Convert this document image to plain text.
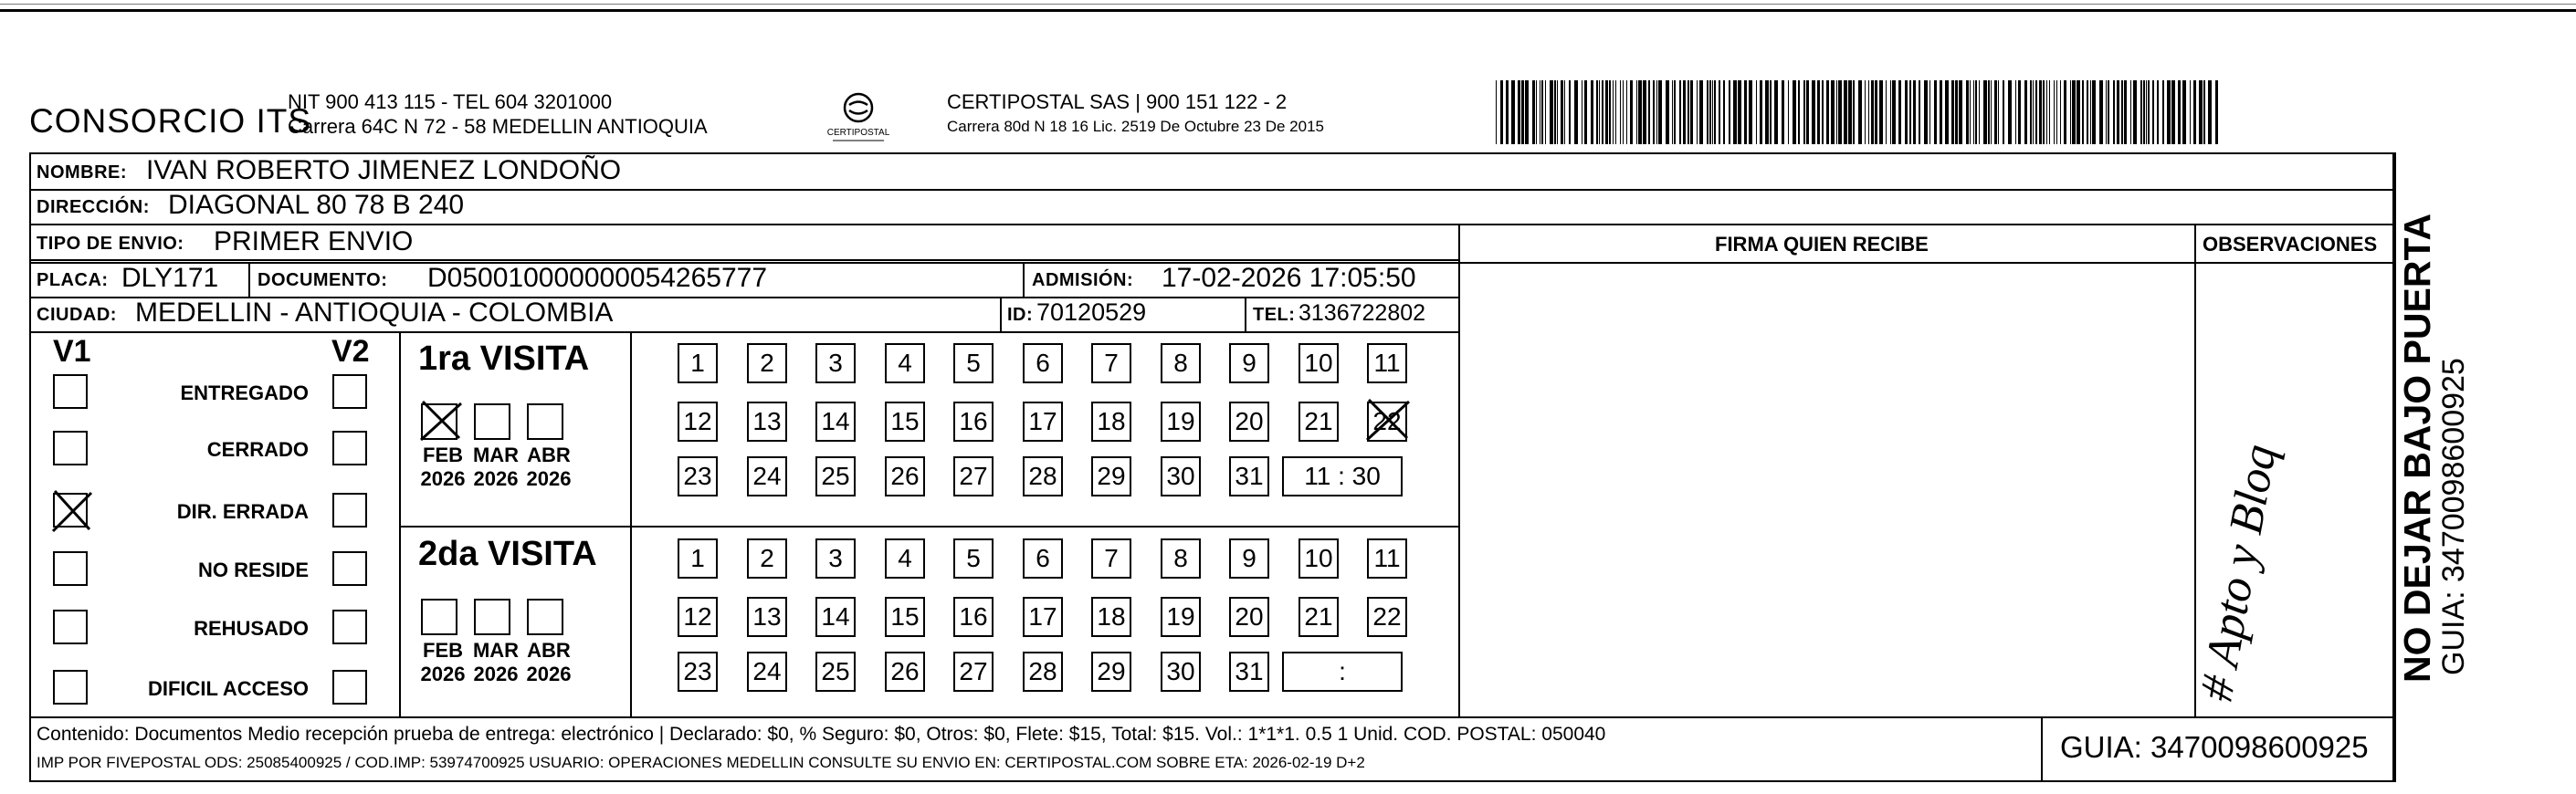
CONSORCIO ITS
NIT 900 413 115 - TEL 604 3201000
Carrera 64C N 72 - 58 MEDELLIN ANTIOQUIA	CERTIPOSTAL
CERTIPOSTAL SAS | 900 151 122 - 2
Carrera 80d N 18 16 Lic. 2519 De Octubre 23 De 2015
NOMBRE: IVAN ROBERTO JIMENEZ LONDOÑO
DIRECCIÓN: DIAGONAL 80 78 B 240
TIPO DE ENVIO: PRIMER ENVIO	FIRMA QUIEN RECIBE	OBSERVACIONES
PLACA: DLY171 DOCUMENTO: D050010000000054265777	ADMISIÓN: 17-02-2026 17:05:50
CIUDAD: MEDELLIN - ANTIOQUIA - COLOMBIA	ID: 70120529	TEL: 3136722802
V1	V2
ENTREGADO
CERRADO
DIR. ERRADA
NO RESIDE
REHUSADO
DIFICIL ACCESO
1ra VISITA
2da VISITA
FEB
2026
MAR
2026
ABR
2026
1	2	3	4	5	6	7	8	9	10 11
12 13 14 15 16 17 18 19 20 21 22
23 24 25 26 27 28 29 30 31	11 : 30
FEB
2026
MAR
2026
ABR
2026
1	2	3	4	5	6	7	8	9	10 11
12 13 14 15 16 17 18 19 20 21 22
23 24 25 26 27 28 29 30 31	:	# Apto y Bloq
Contenido: Documentos Medio recepción prueba de entrega: electrónico | Declarado: $0, % Seguro: $0, Otros: $0, Flete: $15, Total: $15. Vol.: 1*1*1. 0.5 1 Unid. COD. POSTAL: 050040
IMP POR FIVEPOSTAL ODS: 25085400925 / COD.IMP: 53974700925 USUARIO: OPERACIONES MEDELLIN CONSULTE SU ENVIO EN: CERTIPOSTAL.COM SOBRE ETA: 2026-02-19 D+2	GUIA: 3470098600925
NO DEJAR BAJO PUERTA
GUIA: 3470098600925
